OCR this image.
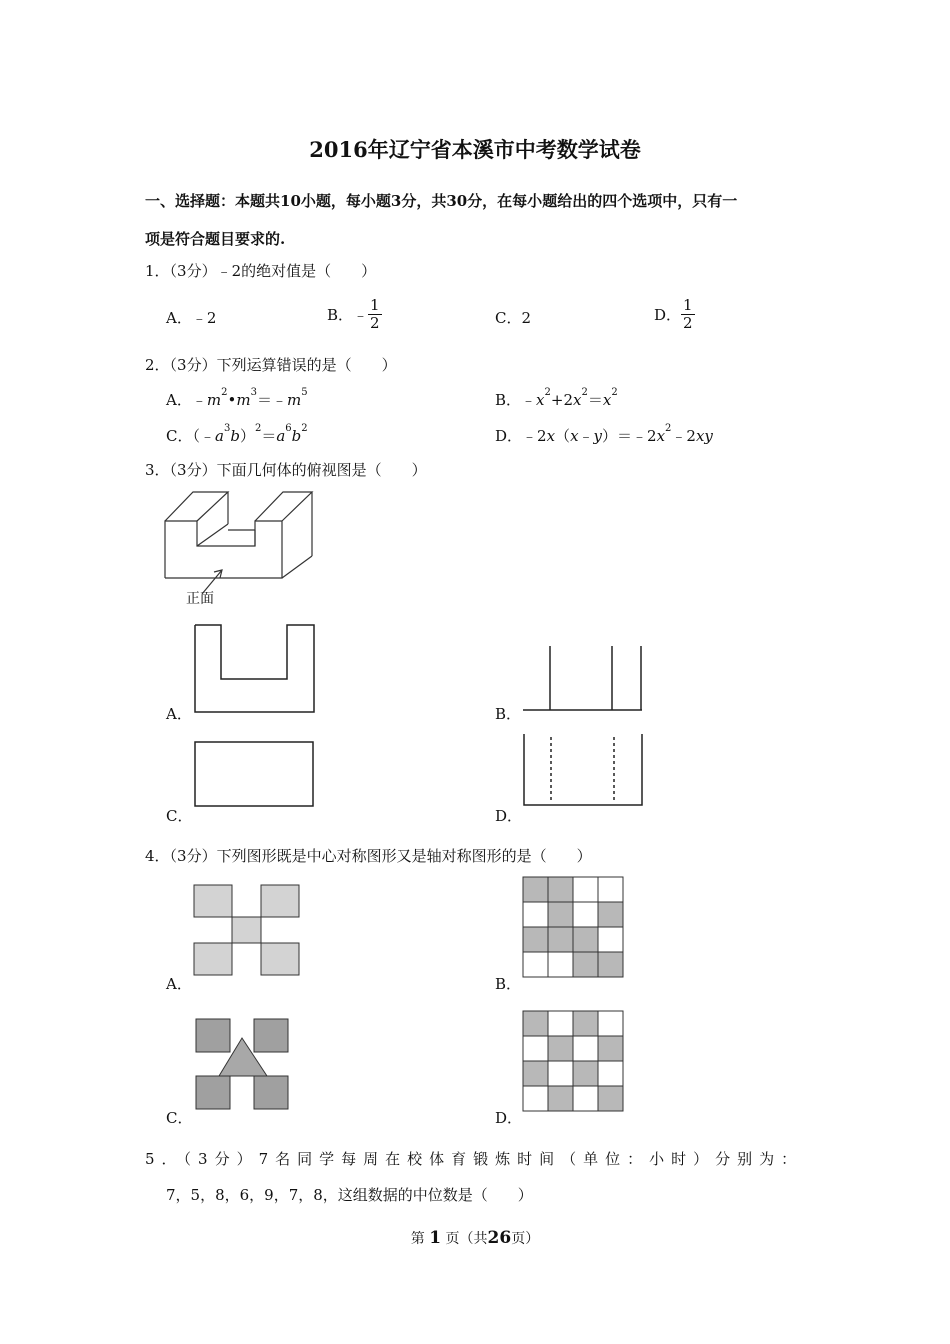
2016年辽宁省本溪市中考数学试卷
一、选择题：本题共10小题，每小题3分，共30分，在每小题给出的四个选项中，只有一
项是符合题目要求的.
1．（3分）﹣2的绝对值是（　　）
A．﹣2	B．﹣ $\frac{1}{2}$	C．2	D． $\frac{1}{2}$
2．（3分）下列运算错误的是（　　）
A．$﹣m^2•m^3=﹣m^5$	B．$﹣x^2+2x^2=x^2$
C．$(﹣a^3b)^2=a^6b^2$	D．$﹣2x(x﹣y)=﹣2x^2﹣2xy$
3．（3分）下面几何体的俯视图是（　　）
正面
A．	B．
C．	D．
4．（3分）下列图形既是中心对称图形又是轴对称图形的是（　　）
A．	B．
C．	D．
5．（3分）7名同学每周在校体育锻炼时间（单位：小时）分别为：
7，5，8，6，9，7，8，这组数据的中位数是（　　）
第 1 页（共26页）
